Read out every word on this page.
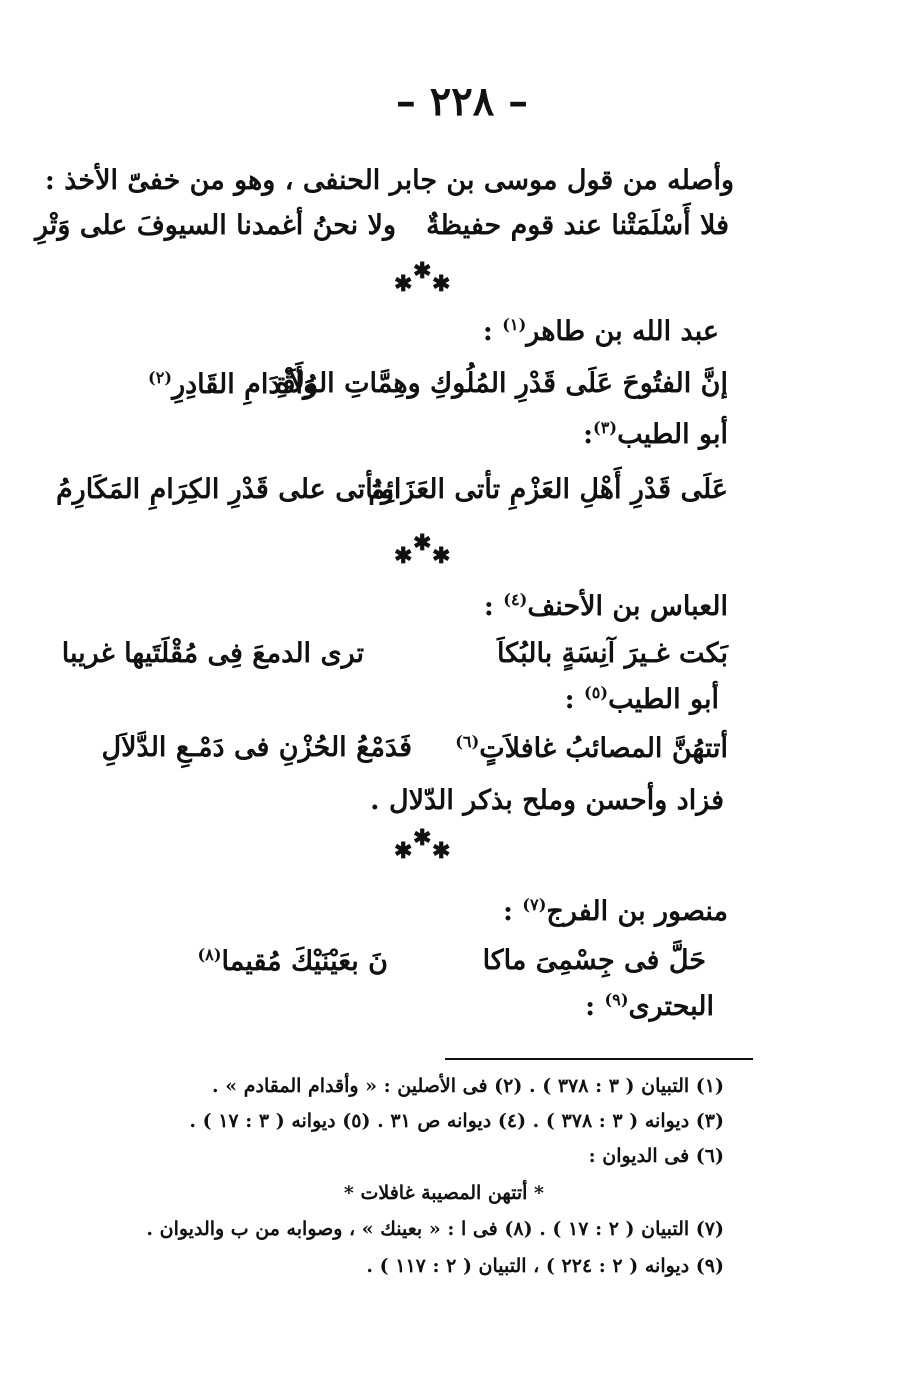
– ٢٢٨ –
وأصله من قول موسى بن جابر الحنفى ، وهو من خفىّ الأخذ :
فلا أَسْلَمَتْنا عند قوم حفيظةٌ
ولا نحنُ أغمدنا السيوفَ على وَتْرِ
✱
✱ ✱
عبد الله بن طاهر$^{(١)}$ :
إنَّ الفتُوحَ عَلَى قَدْرِ المُلُوكِ وهِمَّاتِ الوُلاَةِ
وَأَقْدَامِ القَادِرِ$^{(٢)}$
أبو الطيب$^{(٣)}$:
عَلَى قَدْرِ أَهْلِ العَزْمِ تأتى العَزَائِمُ
وتأتى على قَدْرِ الكِرَامِ المَكَارِمُ
✱
✱ ✱
العباس بن الأحنف$^{(٤)}$ :
بَكت غـيرَ آنِسَةٍ بالبُكاَ
ترى الدمعَ فِى مُقْلَتَيها غريبا
أبو الطيب$^{(٥)}$ :
أتتهُنَّ المصائبُ غافلاَتٍ$^{(٦)}$
فَدَمْعُ الحُزْنِ فى دَمْـعِ الدَّلاَلِ
فزاد وأحسن وملح بذكر الدّلال .
✱
✱ ✱
منصور بن الفرج$^{(٧)}$ :
حَلَّ فى جِسْمِىَ ماكا
نَ بعَيْنَيْكَ مُقيما$^{(٨)}$
البحترى$^{(٩)}$ :
(١) التبيان ( ٣ : ٣٧٨ ) . (٢) فى الأصلين : « وأقدام المقادم » .
(٣) ديوانه ( ٣ : ٣٧٨ ) . (٤) ديوانه ص ٣١ . (٥) ديوانه ( ٣ : ١٧ ) .
(٦) فى الديوان :
* أتتهن المصيبة غافلات *
(٧) التبيان ( ٢ : ١٧ ) . (٨) فى ا : « بعينك » ، وصوابه من ب والديوان .
(٩) ديوانه ( ٢ : ٢٢٤ ) ، التبيان ( ٢ : ١١٧ ) .
